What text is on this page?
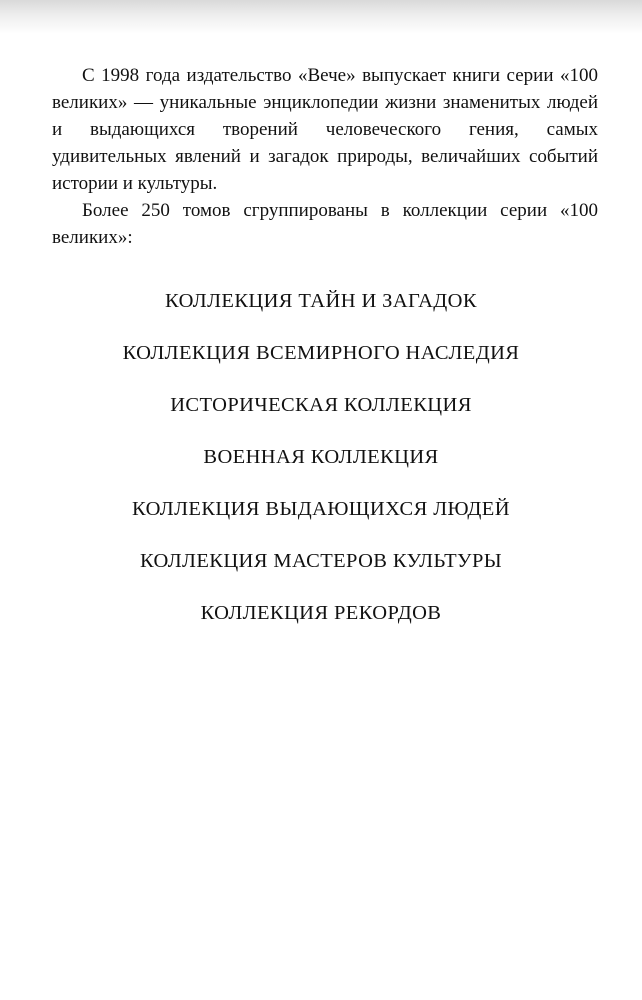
С 1998 года издательство «Вече» выпускает книги серии «100 великих» — уникальные энциклопедии жизни знаменитых людей и выдающихся творений человеческого гения, самых удивительных явлений и загадок природы, величайших событий истории и культуры.

Более 250 томов сгруппированы в коллекции серии «100 великих»:

КОЛЛЕКЦИЯ ТАЙН И ЗАГАДОК
КОЛЛЕКЦИЯ ВСЕМИРНОГО НАСЛЕДИЯ
ИСТОРИЧЕСКАЯ КОЛЛЕКЦИЯ
ВОЕННАЯ КОЛЛЕКЦИЯ
КОЛЛЕКЦИЯ ВЫДАЮЩИХСЯ ЛЮДЕЙ
КОЛЛЕКЦИЯ МАСТЕРОВ КУЛЬТУРЫ
КОЛЛЕКЦИЯ РЕКОРДОВ
